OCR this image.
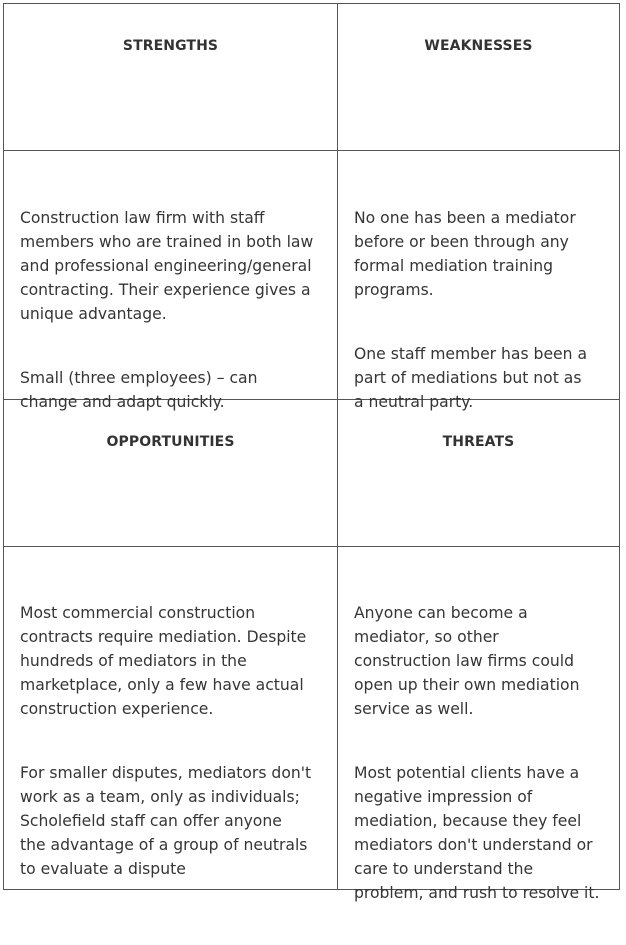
STRENGTHS	WEAKNESSES

Construction law firm with staff
members who are trained in both law
and professional engineering/general
contracting. Their experience gives a
unique advantage.

Small (three employees) – can
change and adapt quickly.

No one has been a mediator
before or been through any
formal mediation training
programs.

One staff member has been a
part of mediations but not as
a neutral party.

OPPORTUNITIES	THREATS

Most commercial construction
contracts require mediation. Despite
hundreds of mediators in the
marketplace, only a few have actual
construction experience.

For smaller disputes, mediators don't
work as a team, only as individuals;
Scholefield staff can offer anyone
the advantage of a group of neutrals
to evaluate a dispute

Anyone can become a
mediator, so other
construction law firms could
open up their own mediation
service as well.

Most potential clients have a
negative impression of
mediation, because they feel
mediators don't understand or
care to understand the
problem, and rush to resolve it.
